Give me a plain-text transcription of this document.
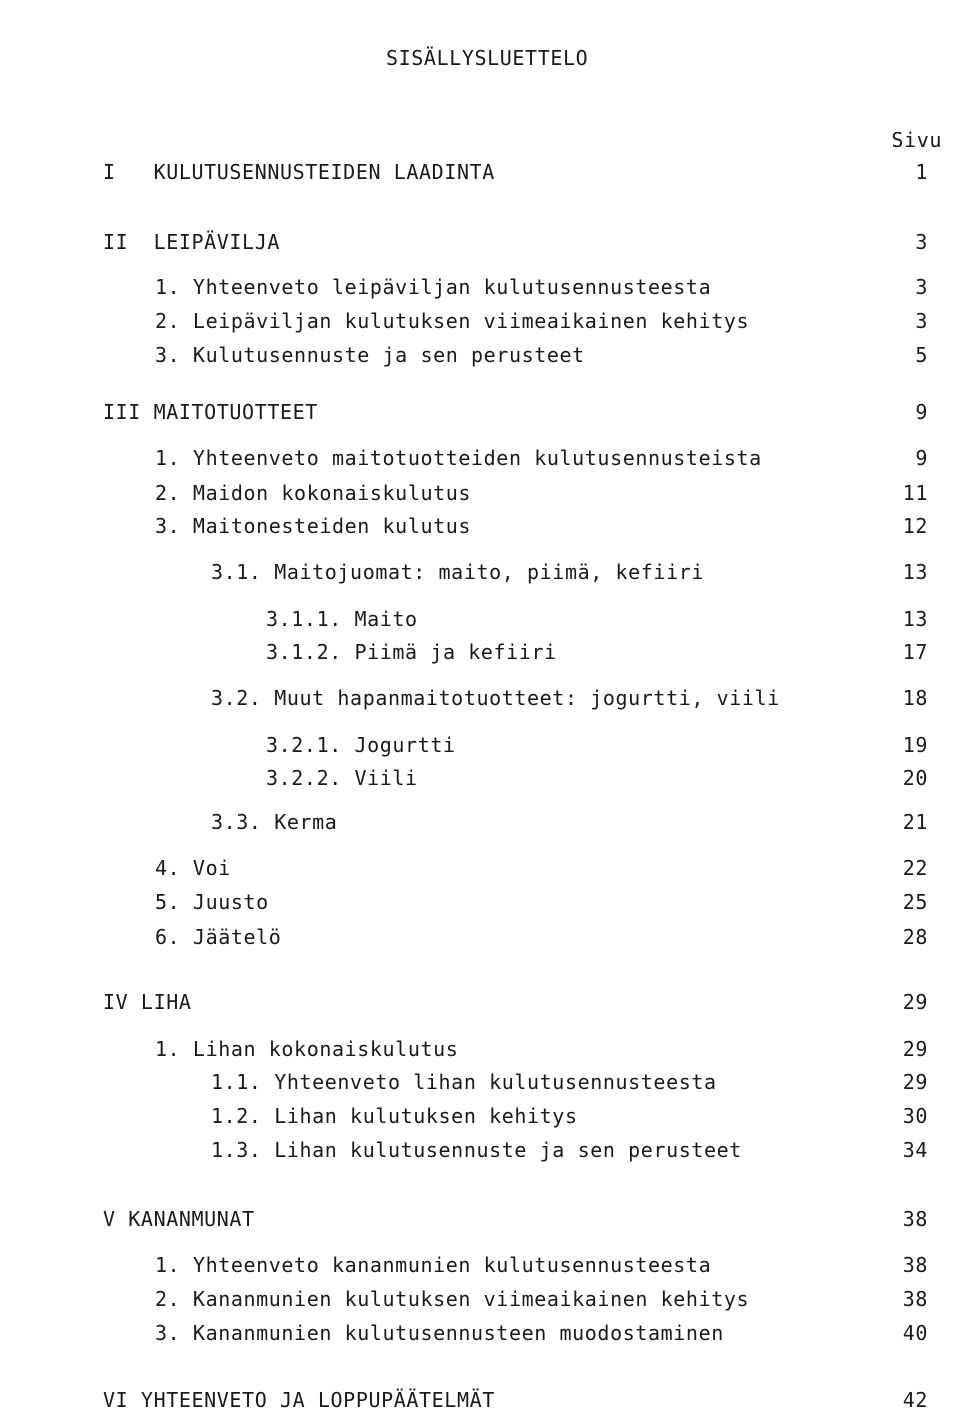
SISÄLLYSLUETTELO
Sivu
I   KULUTUSENNUSTEIDEN LAADINTA	1
II  LEIPÄVILJA	3
1. Yhteenveto leipäviljan kulutusennusteesta	3
2. Leipäviljan kulutuksen viimeaikainen kehitys	3
3. Kulutusennuste ja sen perusteet	5
III MAITOTUOTTEET	9
1. Yhteenveto maitotuotteiden kulutusennusteista	9
2. Maidon kokonaiskulutus	11
3. Maitonesteiden kulutus	12
3.1. Maitojuomat: maito, piimä, kefiiri	13
3.1.1. Maito	13
3.1.2. Piimä ja kefiiri	17
3.2. Muut hapanmaitotuotteet: jogurtti, viili	18
3.2.1. Jogurtti	19
3.2.2. Viili	20
3.3. Kerma	21
4. Voi	22
5. Juusto	25
6. Jäätelö	28
IV LIHA	29
1. Lihan kokonaiskulutus	29
1.1. Yhteenveto lihan kulutusennusteesta	29
1.2. Lihan kulutuksen kehitys	30
1.3. Lihan kulutusennuste ja sen perusteet	34
V KANANMUNAT	38
1. Yhteenveto kananmunien kulutusennusteesta	38
2. Kananmunien kulutuksen viimeaikainen kehitys	38
3. Kananmunien kulutusennusteen muodostaminen	40
VI YHTEENVETO JA LOPPUPÄÄTELMÄT	42
